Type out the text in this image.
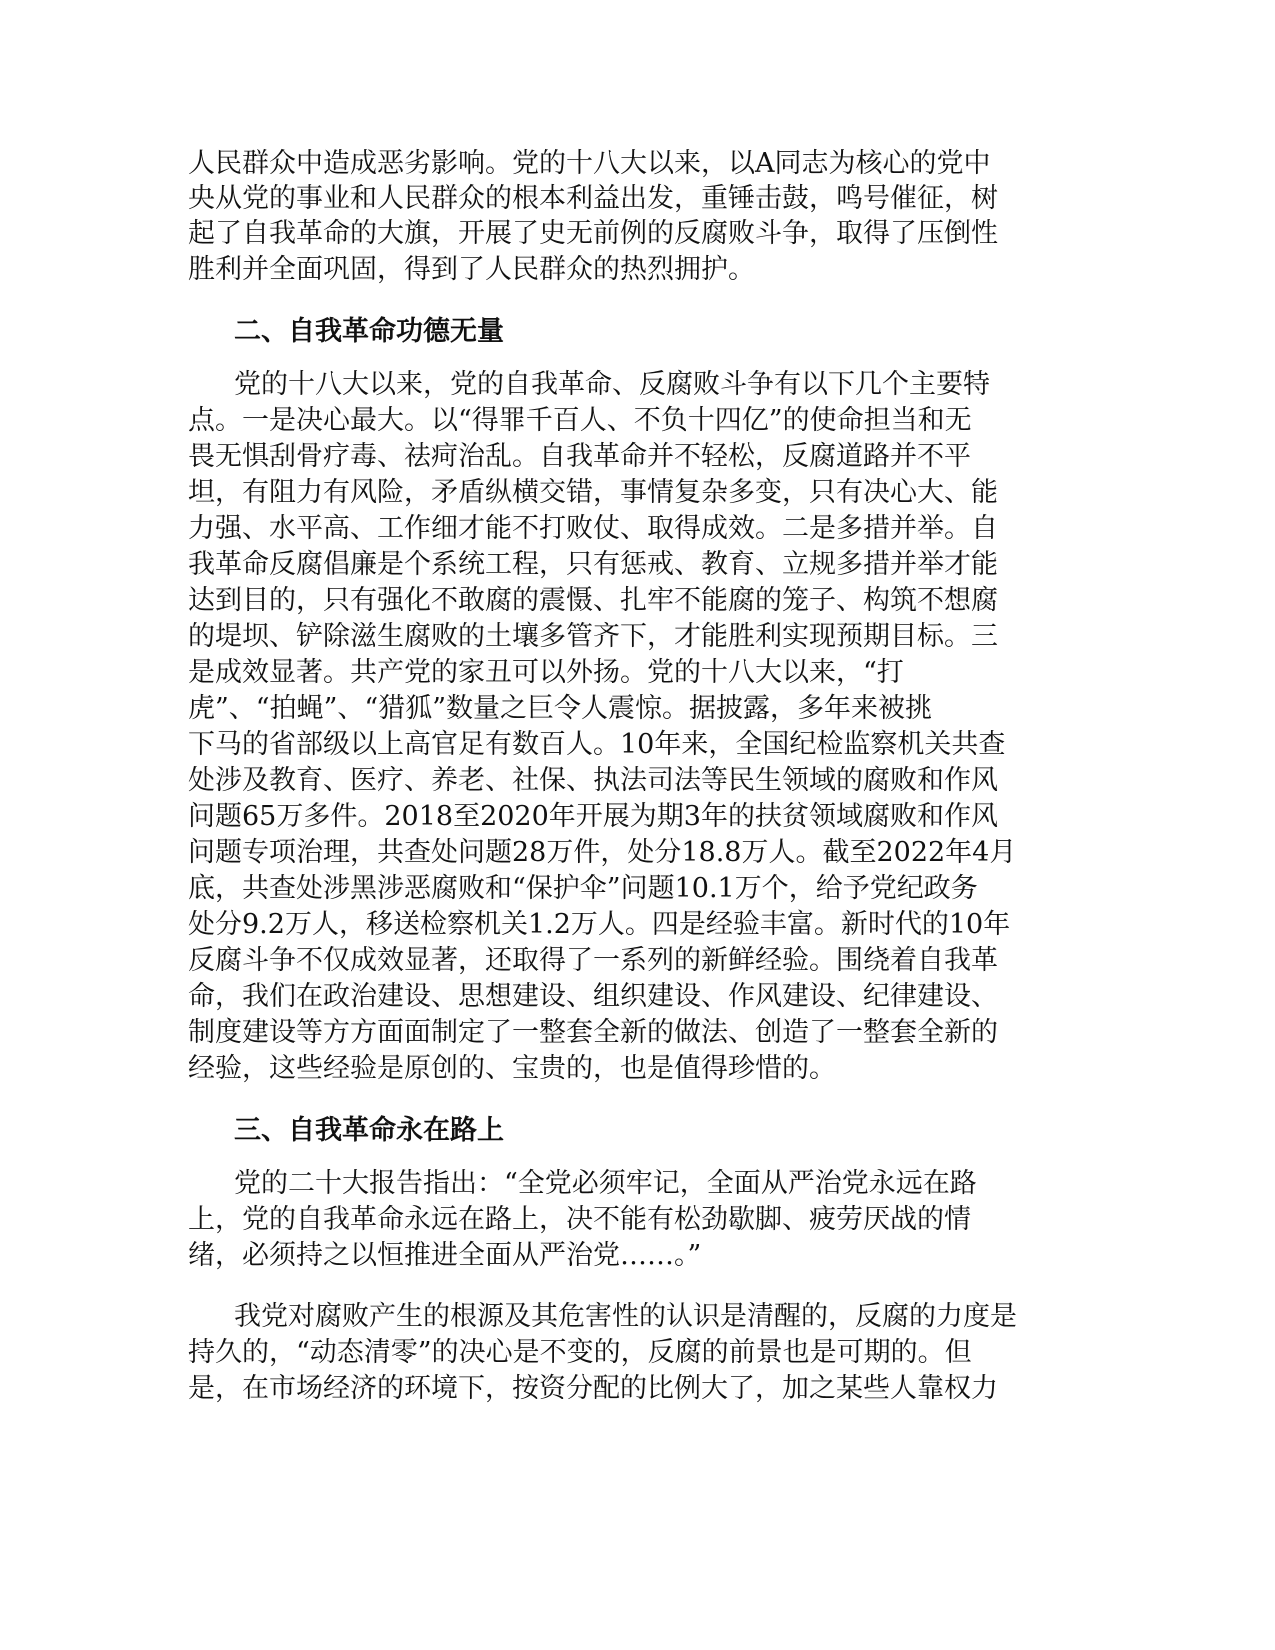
人民群众中造成恶劣影响。党的十八大以来，以A同志为核心的党中
央从党的事业和人民群众的根本利益出发，重锤击鼓，鸣号催征，树
起了自我革命的大旗，开展了史无前例的反腐败斗争，取得了压倒性
胜利并全面巩固，得到了人民群众的热烈拥护。
二、自我革命功德无量
党的十八大以来，党的自我革命、反腐败斗争有以下几个主要特
点。一是决心最大。以“得罪千百人、不负十四亿”的使命担当和无
畏无惧刮骨疗毒、祛疴治乱。自我革命并不轻松，反腐道路并不平
坦，有阻力有风险，矛盾纵横交错，事情复杂多变，只有决心大、能
力强、水平高、工作细才能不打败仗、取得成效。二是多措并举。自
我革命反腐倡廉是个系统工程，只有惩戒、教育、立规多措并举才能
达到目的，只有强化不敢腐的震慑、扎牢不能腐的笼子、构筑不想腐
的堤坝、铲除滋生腐败的土壤多管齐下，才能胜利实现预期目标。三
是成效显著。共产党的家丑可以外扬。党的十八大以来，“打
虎”、“拍蝇”、“猎狐”数量之巨令人震惊。据披露，多年来被挑
下马的省部级以上高官足有数百人。10年来，全国纪检监察机关共查
处涉及教育、医疗、养老、社保、执法司法等民生领域的腐败和作风
问题65万多件。2018至2020年开展为期3年的扶贫领域腐败和作风
问题专项治理，共查处问题28万件，处分18.8万人。截至2022年4月
底，共查处涉黑涉恶腐败和“保护伞”问题10.1万个，给予党纪政务
处分9.2万人，移送检察机关1.2万人。四是经验丰富。新时代的10年
反腐斗争不仅成效显著，还取得了一系列的新鲜经验。围绕着自我革
命，我们在政治建设、思想建设、组织建设、作风建设、纪律建设、
制度建设等方方面面制定了一整套全新的做法、创造了一整套全新的
经验，这些经验是原创的、宝贵的，也是值得珍惜的。
三、自我革命永在路上
党的二十大报告指出：“全党必须牢记，全面从严治党永远在路
上，党的自我革命永远在路上，决不能有松劲歇脚、疲劳厌战的情
绪，必须持之以恒推进全面从严治党……。”
我党对腐败产生的根源及其危害性的认识是清醒的，反腐的力度是
持久的，“动态清零”的决心是不变的，反腐的前景也是可期的。但
是，在市场经济的环境下，按资分配的比例大了，加之某些人靠权力
